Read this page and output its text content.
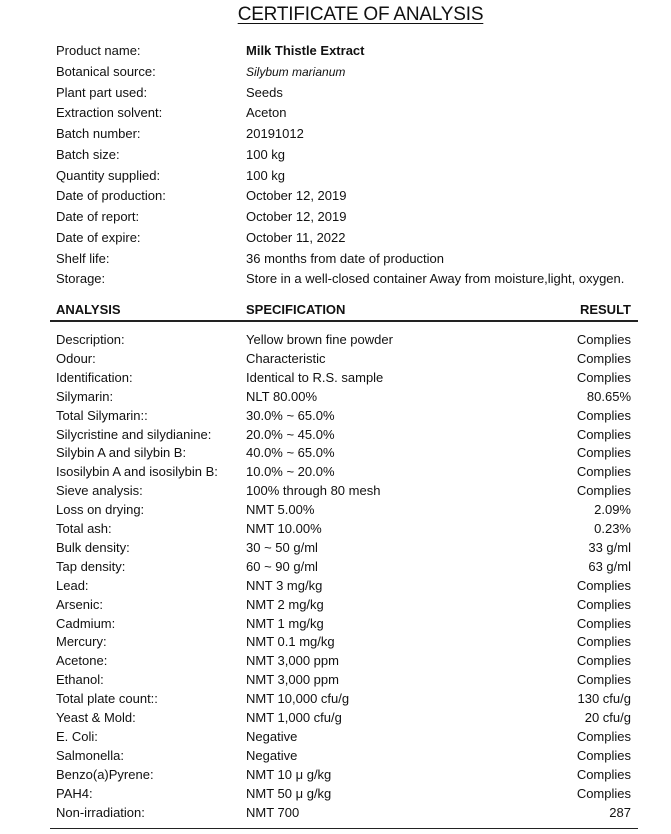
CERTIFICATE OF ANALYSIS
Product name:	Milk Thistle Extract
Botanical source:	Silybum marianum
Plant part used:	Seeds
Extraction solvent:	Aceton
Batch number:	20191012
Batch size:	100 kg
Quantity supplied:	100 kg
Date of production:	October 12, 2019
Date of report:	October 12, 2019
Date of expire:	October 11, 2022
Shelf life:	36 months from date of production
Storage:	Store in a well-closed container Away from moisture,light, oxygen.
ANALYSIS	SPECIFICATION	RESULT
Description:	Yellow brown fine powder	Complies
Odour:	Characteristic	Complies
Identification:	Identical to R.S. sample	Complies
Silymarin:	NLT 80.00%	80.65%
Total Silymarin::	30.0% ~ 65.0%	Complies
Silycristine and silydianine:	20.0% ~ 45.0%	Complies
Silybin A and silybin B:	40.0% ~ 65.0%	Complies
Isosilybin A and isosilybin B: 10.0% ~ 20.0%	Complies
Sieve analysis:	100% through 80 mesh	Complies
Loss on drying:	NMT 5.00%	2.09%
Total ash:	NMT 10.00%	0.23%
Bulk density:	30 ~ 50 g/ml	33 g/ml
Tap density:	60 ~ 90 g/ml	63 g/ml
Lead:	NNT 3 mg/kg	Complies
Arsenic:	NMT 2 mg/kg	Complies
Cadmium:	NMT 1 mg/kg	Complies
Mercury:	NMT 0.1 mg/kg	Complies
Acetone:	NMT 3,000 ppm	Complies
Ethanol:	NMT 3,000 ppm	Complies
Total plate count::	NMT 10,000 cfu/g	130 cfu/g
Yeast & Mold:	NMT 1,000 cfu/g	20 cfu/g
E. Coli:	Negative	Complies
Salmonella:	Negative	Complies
Benzo(a)Pyrene:	NMT 10 μ g/kg	Complies
PAH4:	NMT 50 μ g/kg	Complies
Non-irradiation:	NMT 700	287
